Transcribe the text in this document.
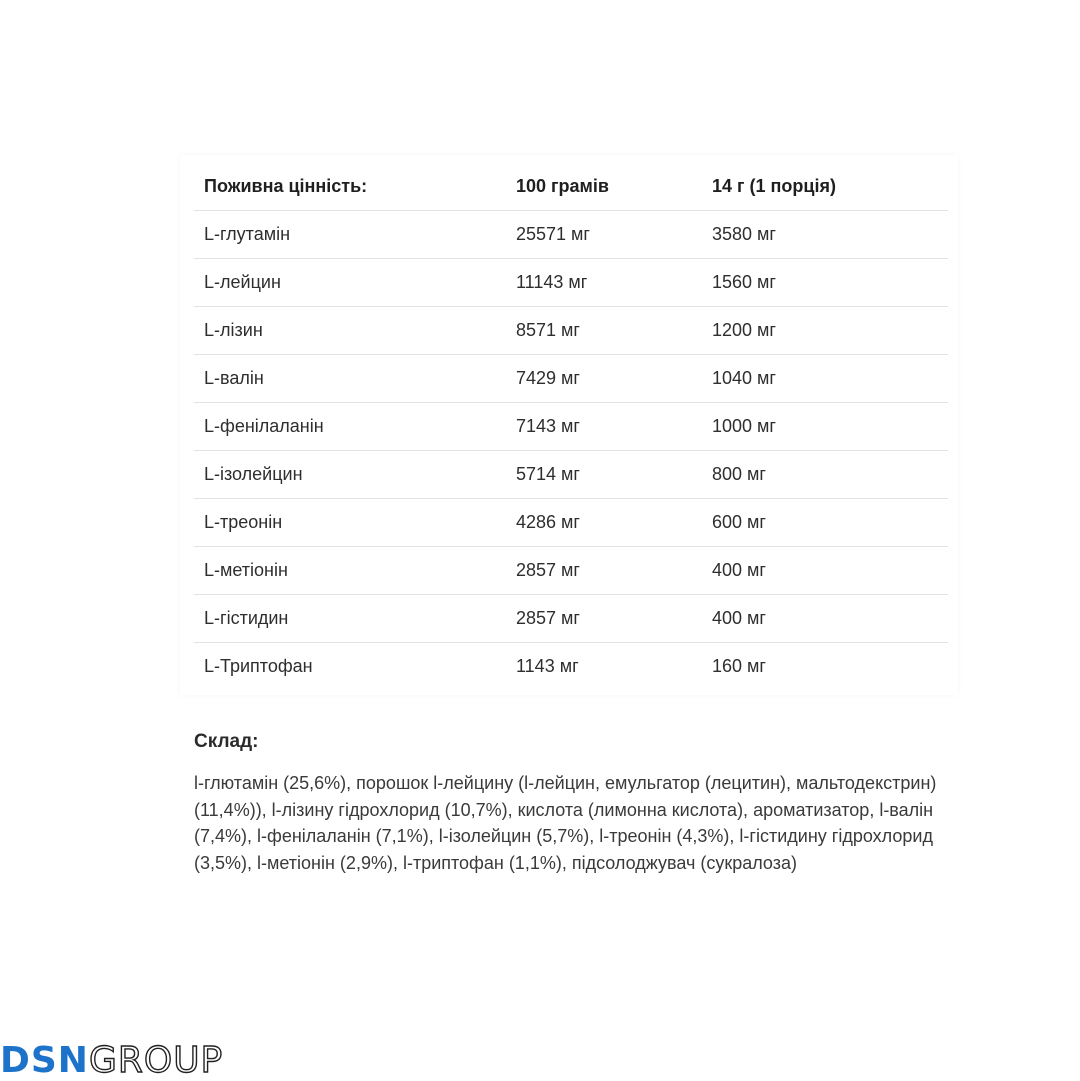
Поживна цінність:	100 грамів	14 г (1 порція)
L-глутамін	25571 мг	3580 мг
L-лейцин	11143 мг	1560 мг
L-лізин	8571 мг	1200 мг
L-валін	7429 мг	1040 мг
L-фенілаланін	7143 мг	1000 мг
L-ізолейцин	5714 мг	800 мг
L-треонін	4286 мг	600 мг
L-метіонін	2857 мг	400 мг
L-гістидин	2857 мг	400 мг
L-Триптофан	1143 мг	160 мг
Склад:

l-глютамін (25,6%), порошок l-лейцину (l-лейцин, емульгатор (лецитин), мальтодекстрин) (11,4%)), l-лізину гідрохлорид (10,7%), кислота (лимонна кислота), ароматизатор, l-валін (7,4%), l-фенілаланін (7,1%), l-ізолейцин (5,7%), l-треонін (4,3%), l-гістидину гідрохлорид (3,5%), l-метіонін (2,9%), l-триптофан (1,1%), підсолоджувач (сукралоза)

DSN GROUP
